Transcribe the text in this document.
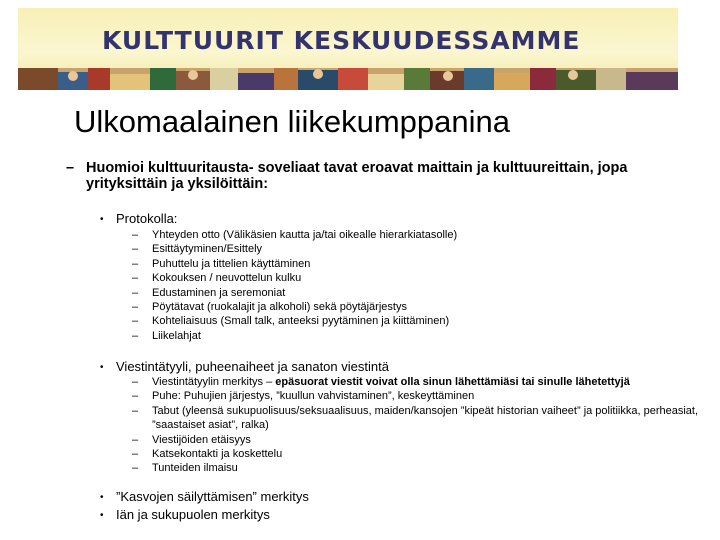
KULTTUURIT KESKUUDESSAMME
Ulkomaalainen liikekumppanina
– Huomioi kulttuuritausta- soveliaat tavat eroavat maittain ja kulttuureittain, jopa yrityksittäin ja yksilöittäin:
• Protokolla:
– Yhteyden otto (Välikäsien kautta ja/tai oikealle hierarkiatasolle)
– Esittäytyminen/Esittely
– Puhuttelu ja tittelien käyttäminen
– Kokouksen / neuvottelun kulku
– Edustaminen ja seremoniat
– Pöytätavat (ruokalajit ja alkoholi) sekä pöytäjärjestys
– Kohteliaisuus (Small talk, anteeksi pyytäminen ja kiittäminen)
– Liikelahjat
• Viestintätyyli, puheenaiheet ja sanaton viestintä
– Viestintätyylin merkitys – epäsuorat viestit voivat olla sinun lähettämiäsi tai sinulle lähetettyjä
– Puhe: Puhujien järjestys, ”kuullun vahvistaminen”, keskeyttäminen
– Tabut (yleensä sukupuolisuus/seksuaalisuus, maiden/kansojen ”kipeät historian vaiheet” ja politiikka, perheasiat, ”saastaiset asiat”, ralka)
– Viestijöiden etäisyys
– Katsekontakti ja koskettelu
– Tunteiden ilmaisu
• ”Kasvojen säilyttämisen” merkitys
• Iän ja sukupuolen merkitys
